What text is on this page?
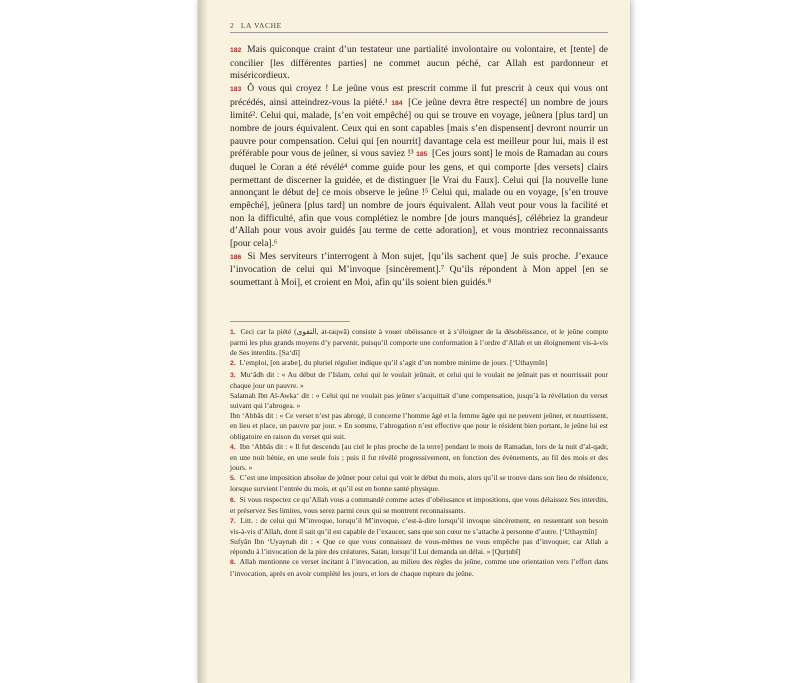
2 LA VACHE

182 Mais quiconque craint d’un testateur une partialité involontaire ou volontaire, et [tente] de concilier [les différentes parties] ne commet aucun péché, car Allah est pardonneur et miséricordieux.

183 Ô vous qui croyez ! Le jeûne vous est prescrit comme il fut prescrit à ceux qui vous ont précédés, ainsi atteindrez-vous la piété.¹ 184 [Ce jeûne devra être respecté] un nombre de jours limité². Celui qui, malade, [s’en voit empêché] ou qui se trouve en voyage, jeûnera [plus tard] un nombre de jours équivalent. Ceux qui en sont capables [mais s’en dispensent] devront nourrir un pauvre pour compensation. Celui qui [en nourrit] davantage cela est meilleur pour lui, mais il est préférable pour vous de jeûner, si vous saviez !³ 185 [Ces jours sont] le mois de Ramadan au cours duquel le Coran a été révélé⁴ comme guide pour les gens, et qui comporte [des versets] clairs permettant de discerner la guidée, et de distinguer [le Vrai du Faux]. Celui qui [la nouvelle lune annonçant le début de] ce mois observe le jeûne !⁵ Celui qui, malade ou en voyage, [s’en trouve empêché], jeûnera [plus tard] un nombre de jours équivalent. Allah veut pour vous la facilité et non la difficulté, afin que vous complétiez le nombre [de jours manqués], célébriez la grandeur d’Allah pour vous avoir guidés [au terme de cette adoration], et vous montriez reconnaissants [pour cela].⁶

186 Si Mes serviteurs t’interrogent à Mon sujet, [qu’ils sachent que] Je suis proche. J’exauce l’invocation de celui qui M’invoque [sincèrement].⁷ Qu’ils répondent à Mon appel [en se soumettant à Moi], et croient en Moi, afin qu’ils soient bien guidés.⁸

1. Ceci car la piété (التقوى, at-taqwā) consiste à vouer obéissance et à s’éloigner de la désobéissance, et le jeûne compte parmi les plus grands moyens d’y parvenir, puisqu’il comporte une conformation à l’ordre d’Allah et un éloignement vis-à-vis de Ses interdits. [Sa‘dî]

2. L’emploi, [en arabe], du pluriel régulier indique qu’il s’agit d’un nombre minime de jours. [‘Uthaymîn]

3. Mu‘âdh dit : « Au début de l’Islam, celui qui le voulait jeûnait, et celui qui le voulait ne jeûnait pas et nourrissait pour chaque jour un pauvre. »

Salamah Ibn Al-Awka‘ dit : « Celui qui ne voulait pas jeûner s’acquittait d’une compensation, jusqu’à la révélation du verset suivant qui l’abrogea. »

Ibn ‘Abbâs dit : « Ce verset n’est pas abrogé, il concerne l’homme âgé et la femme âgée qui ne peuvent jeûner, et nourrissent, en lieu et place, un pauvre par jour. » En somme, l’abrogation n’est effective que pour le résident bien portant, le jeûne lui est obligatoire en raison du verset qui suit.

4. Ibn ‘Abbâs dit : « Il fut descendu [au ciel le plus proche de la terre] pendant le mois de Ramadan, lors de la nuit d’al-qadr, en une nuit bénie, en une seule fois ; puis il fut révélé progressivement, en fonction des évènements, au fil des mois et des jours. »

5. C’est une imposition absolue de jeûner pour celui qui voit le début du mois, alors qu’il se trouve dans son lieu de résidence, lorsque survient l’entrée du mois, et qu’il est en bonne santé physique.

6. Si vous respectez ce qu’Allah vous a commandé comme actes d’obéissance et impositions, que vous délaissez Ses interdits, et préservez Ses limites, vous serez parmi ceux qui se montrent reconnaissants.

7. Litt. : de celui qui M’invoque, lorsqu’il M’invoque, c’est-à-dire lorsqu’il invoque sincèrement, en ressentant son besoin vis-à-vis d’Allah, dont il sait qu’il est capable de l’exaucer, sans que son cœur ne s’attache à personne d’autre. [‘Uthaymîn]

Sufyân Ibn ‘Uyaynah dit : « Que ce que vous connaissez de vous-mêmes ne vous empêche pas d’invoquer, car Allah a répondu à l’invocation de la pire des créatures, Satan, lorsqu’il Lui demanda un délai. » [Qurṭubî]

8. Allah mentionne ce verset incitant à l’invocation, au milieu des règles du jeûne, comme une orientation vers l’effort dans l’invocation, après en avoir complété les jours, et lors de chaque rupture du jeûne.
